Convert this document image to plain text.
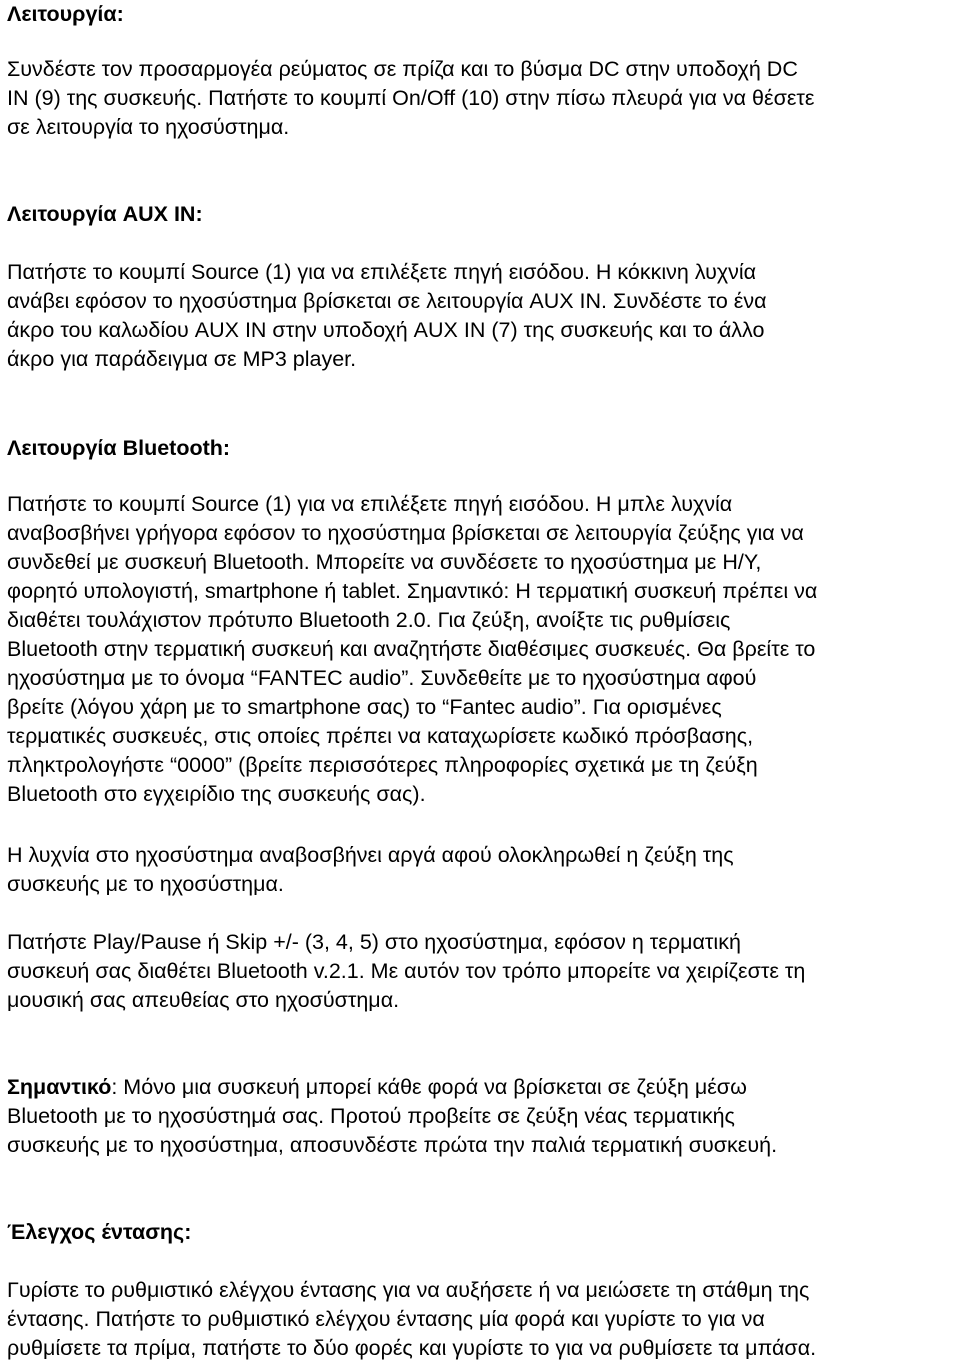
Λειτουργία:
Συνδέστε τον προσαρμογέα ρεύματος σε πρίζα και το βύσμα DC στην υποδοχή DC
IN (9) της συσκευής. Πατήστε το κουμπί On/Off (10) στην πίσω πλευρά για να θέσετε
σε λειτουργία το ηχοσύστημα.
Λειτουργία AUX IN:
Πατήστε το κουμπί Source (1) για να επιλέξετε πηγή εισόδου. Η κόκκινη λυχνία
ανάβει εφόσον το ηχοσύστημα βρίσκεται σε λειτουργία AUX IN. Συνδέστε το ένα
άκρο του καλωδίου AUX IN στην υποδοχή AUX IN (7) της συσκευής και το άλλο
άκρο για παράδειγμα σε MP3 player.
Λειτουργία Bluetooth:
Πατήστε το κουμπί Source (1) για να επιλέξετε πηγή εισόδου. Η μπλε λυχνία
αναβοσβήνει γρήγορα εφόσον το ηχοσύστημα βρίσκεται σε λειτουργία ζεύξης για να
συνδεθεί με συσκευή Bluetooth. Μπορείτε να συνδέσετε το ηχοσύστημα με Η/Υ,
φορητό υπολογιστή, smartphone ή tablet. Σημαντικό: Η τερματική συσκευή πρέπει να
διαθέτει τουλάχιστον πρότυπο Bluetooth 2.0. Για ζεύξη, ανοίξτε τις ρυθμίσεις
Bluetooth στην τερματική συσκευή και αναζητήστε διαθέσιμες συσκευές. Θα βρείτε το
ηχοσύστημα με το όνομα “FANTEC audio”. Συνδεθείτε με το ηχοσύστημα αφού
βρείτε (λόγου χάρη με το smartphone σας) το “Fantec audio”. Για ορισμένες
τερματικές συσκευές, στις οποίες πρέπει να καταχωρίσετε κωδικό πρόσβασης,
πληκτρολογήστε “0000” (βρείτε περισσότερες πληροφορίες σχετικά με τη ζεύξη
Bluetooth στο εγχειρίδιο της συσκευής σας).
Η λυχνία στο ηχοσύστημα αναβοσβήνει αργά αφού ολοκληρωθεί η ζεύξη της
συσκευής με το ηχοσύστημα.
Πατήστε Play/Pause ή Skip +/- (3, 4, 5) στο ηχοσύστημα, εφόσον η τερματική
συσκευή σας διαθέτει Bluetooth v.2.1. Με αυτόν τον τρόπο μπορείτε να χειρίζεστε τη
μουσική σας απευθείας στο ηχοσύστημα.
Σημαντικό: Μόνο μια συσκευή μπορεί κάθε φορά να βρίσκεται σε ζεύξη μέσω
Bluetooth με το ηχοσύστημά σας. Προτού προβείτε σε ζεύξη νέας τερματικής
συσκευής με το ηχοσύστημα, αποσυνδέστε πρώτα την παλιά τερματική συσκευή.
Έλεγχος έντασης:
Γυρίστε το ρυθμιστικό ελέγχου έντασης για να αυξήσετε ή να μειώσετε τη στάθμη της
έντασης. Πατήστε το ρυθμιστικό ελέγχου έντασης μία φορά και γυρίστε το για να
ρυθμίσετε τα πρίμα, πατήστε το δύο φορές και γυρίστε το για να ρυθμίσετε τα μπάσα.
